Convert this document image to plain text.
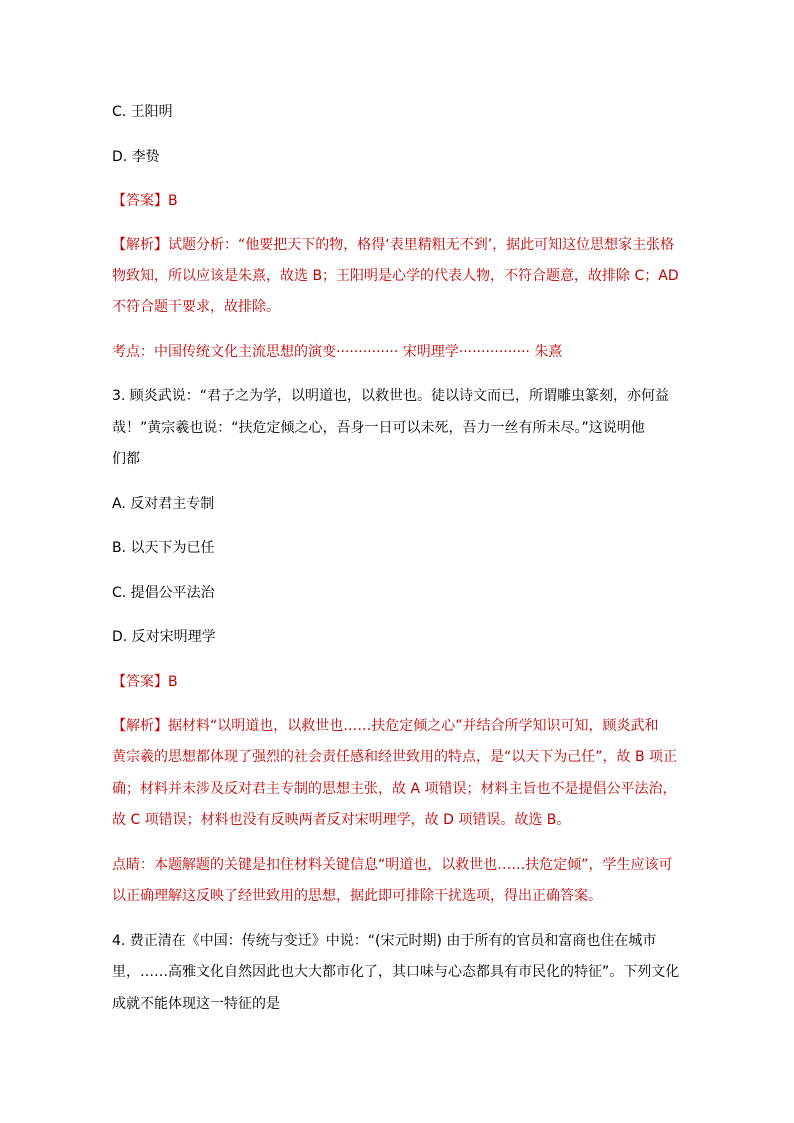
C. 王阳明
D. 李贽
【答案】B
【解析】试题分析：“他要把天下的物，格得‘表里精粗无不到’，据此可知这位思想家主张格
物致知，所以应该是朱熹，故选 B；王阳明是心学的代表人物，不符合题意，故排除 C；AD
不符合题干要求，故排除。
考点：中国传统文化主流思想的演变·············· 宋明理学················ 朱熹
3. 顾炎武说：“君子之为学，以明道也，以救世也。徒以诗文而已，所谓雕虫篆刻，亦何益
哉！”黄宗羲也说：“扶危定倾之心，吾身一日可以未死，吾力一丝有所未尽。”这说明他
们都
A. 反对君主专制
B. 以天下为已任
C. 提倡公平法治
D. 反对宋明理学
【答案】B
【解析】据材料“以明道也，以救世也……扶危定倾之心”并结合所学知识可知，顾炎武和
黄宗羲的思想都体现了强烈的社会责任感和经世致用的特点，是“以天下为己任”，故 B 项正
确；材料并未涉及反对君主专制的思想主张，故 A 项错误；材料主旨也不是提倡公平法治，
故 C 项错误；材料也没有反映两者反对宋明理学，故 D 项错误。故选 B。
点睛：本题解题的关键是扣住材料关键信息“明道也，以救世也……扶危定倾”，学生应该可
以正确理解这反映了经世致用的思想，据此即可排除干扰选项，得出正确答案。
4. 费正清在《中国：传统与变迁》中说：“(宋元时期) 由于所有的官员和富商也住在城市
里，……高雅文化自然因此也大大都市化了，其口味与心态都具有市民化的特征”。下列文化
成就不能体现这一特征的是
